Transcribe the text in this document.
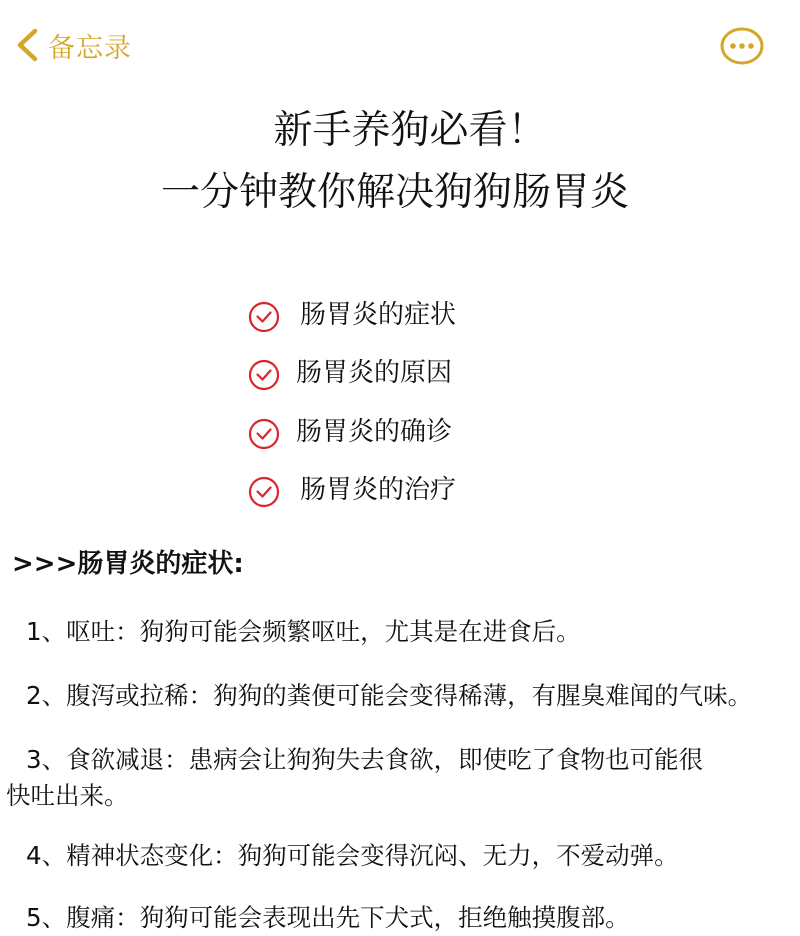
备忘录
新手养狗必看！
一分钟教你解决狗狗肠胃炎
肠胃炎的症状
肠胃炎的原因
肠胃炎的确诊
肠胃炎的治疗
>>>肠胃炎的症状:
1、呕吐：狗狗可能会频繁呕吐，尤其是在进食后。
2、腹泻或拉稀：狗狗的粪便可能会变得稀薄，有腥臭难闻的气味。
3、食欲减退：患病会让狗狗失去食欲，即使吃了食物也可能很
快吐出来。
4、精神状态变化：狗狗可能会变得沉闷、无力，不爱动弹。
5、腹痛：狗狗可能会表现出先下犬式，拒绝触摸腹部。
